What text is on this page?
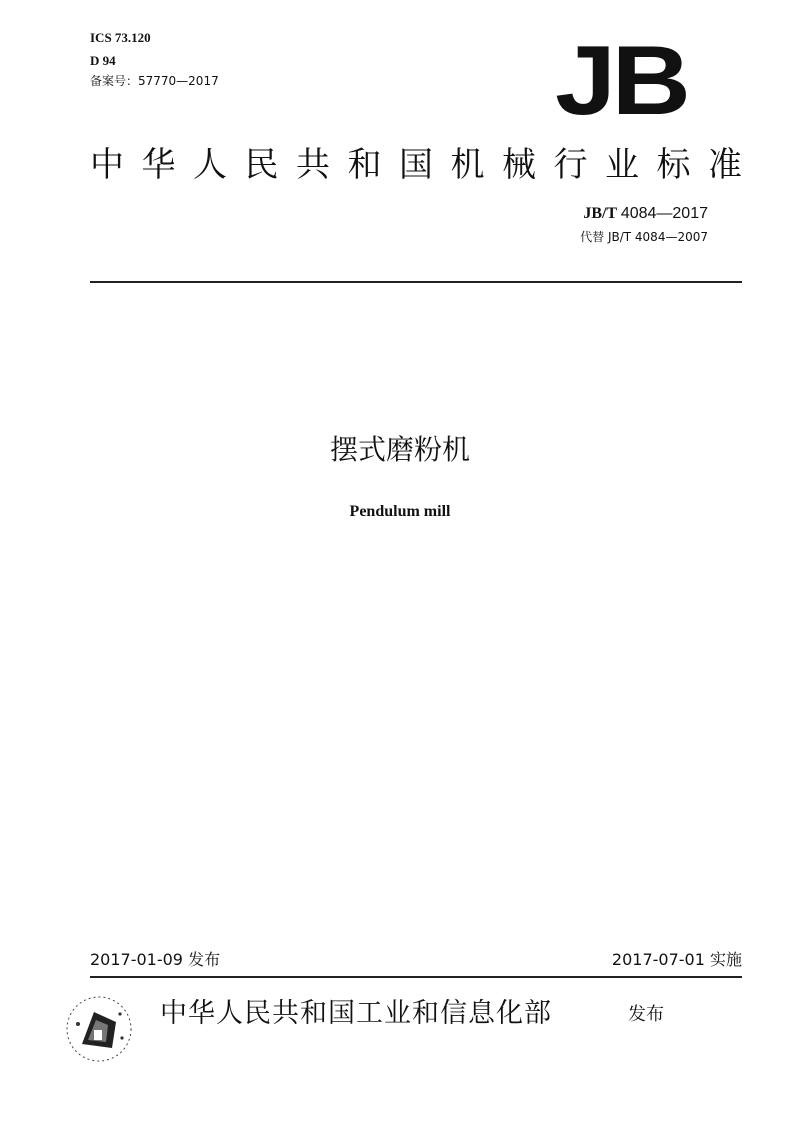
ICS 73.120
D 94
备案号：57770—2017	JB
中 华 人 民 共 和 国 机 械 行 业 标 准
JB/T 4084—2017
代替 JB/T 4084—2007
摆式磨粉机
Pendulum mill
2017-01-09 发布	2017-07-01 实施
中华人民共和国工业和信息化部	发布
